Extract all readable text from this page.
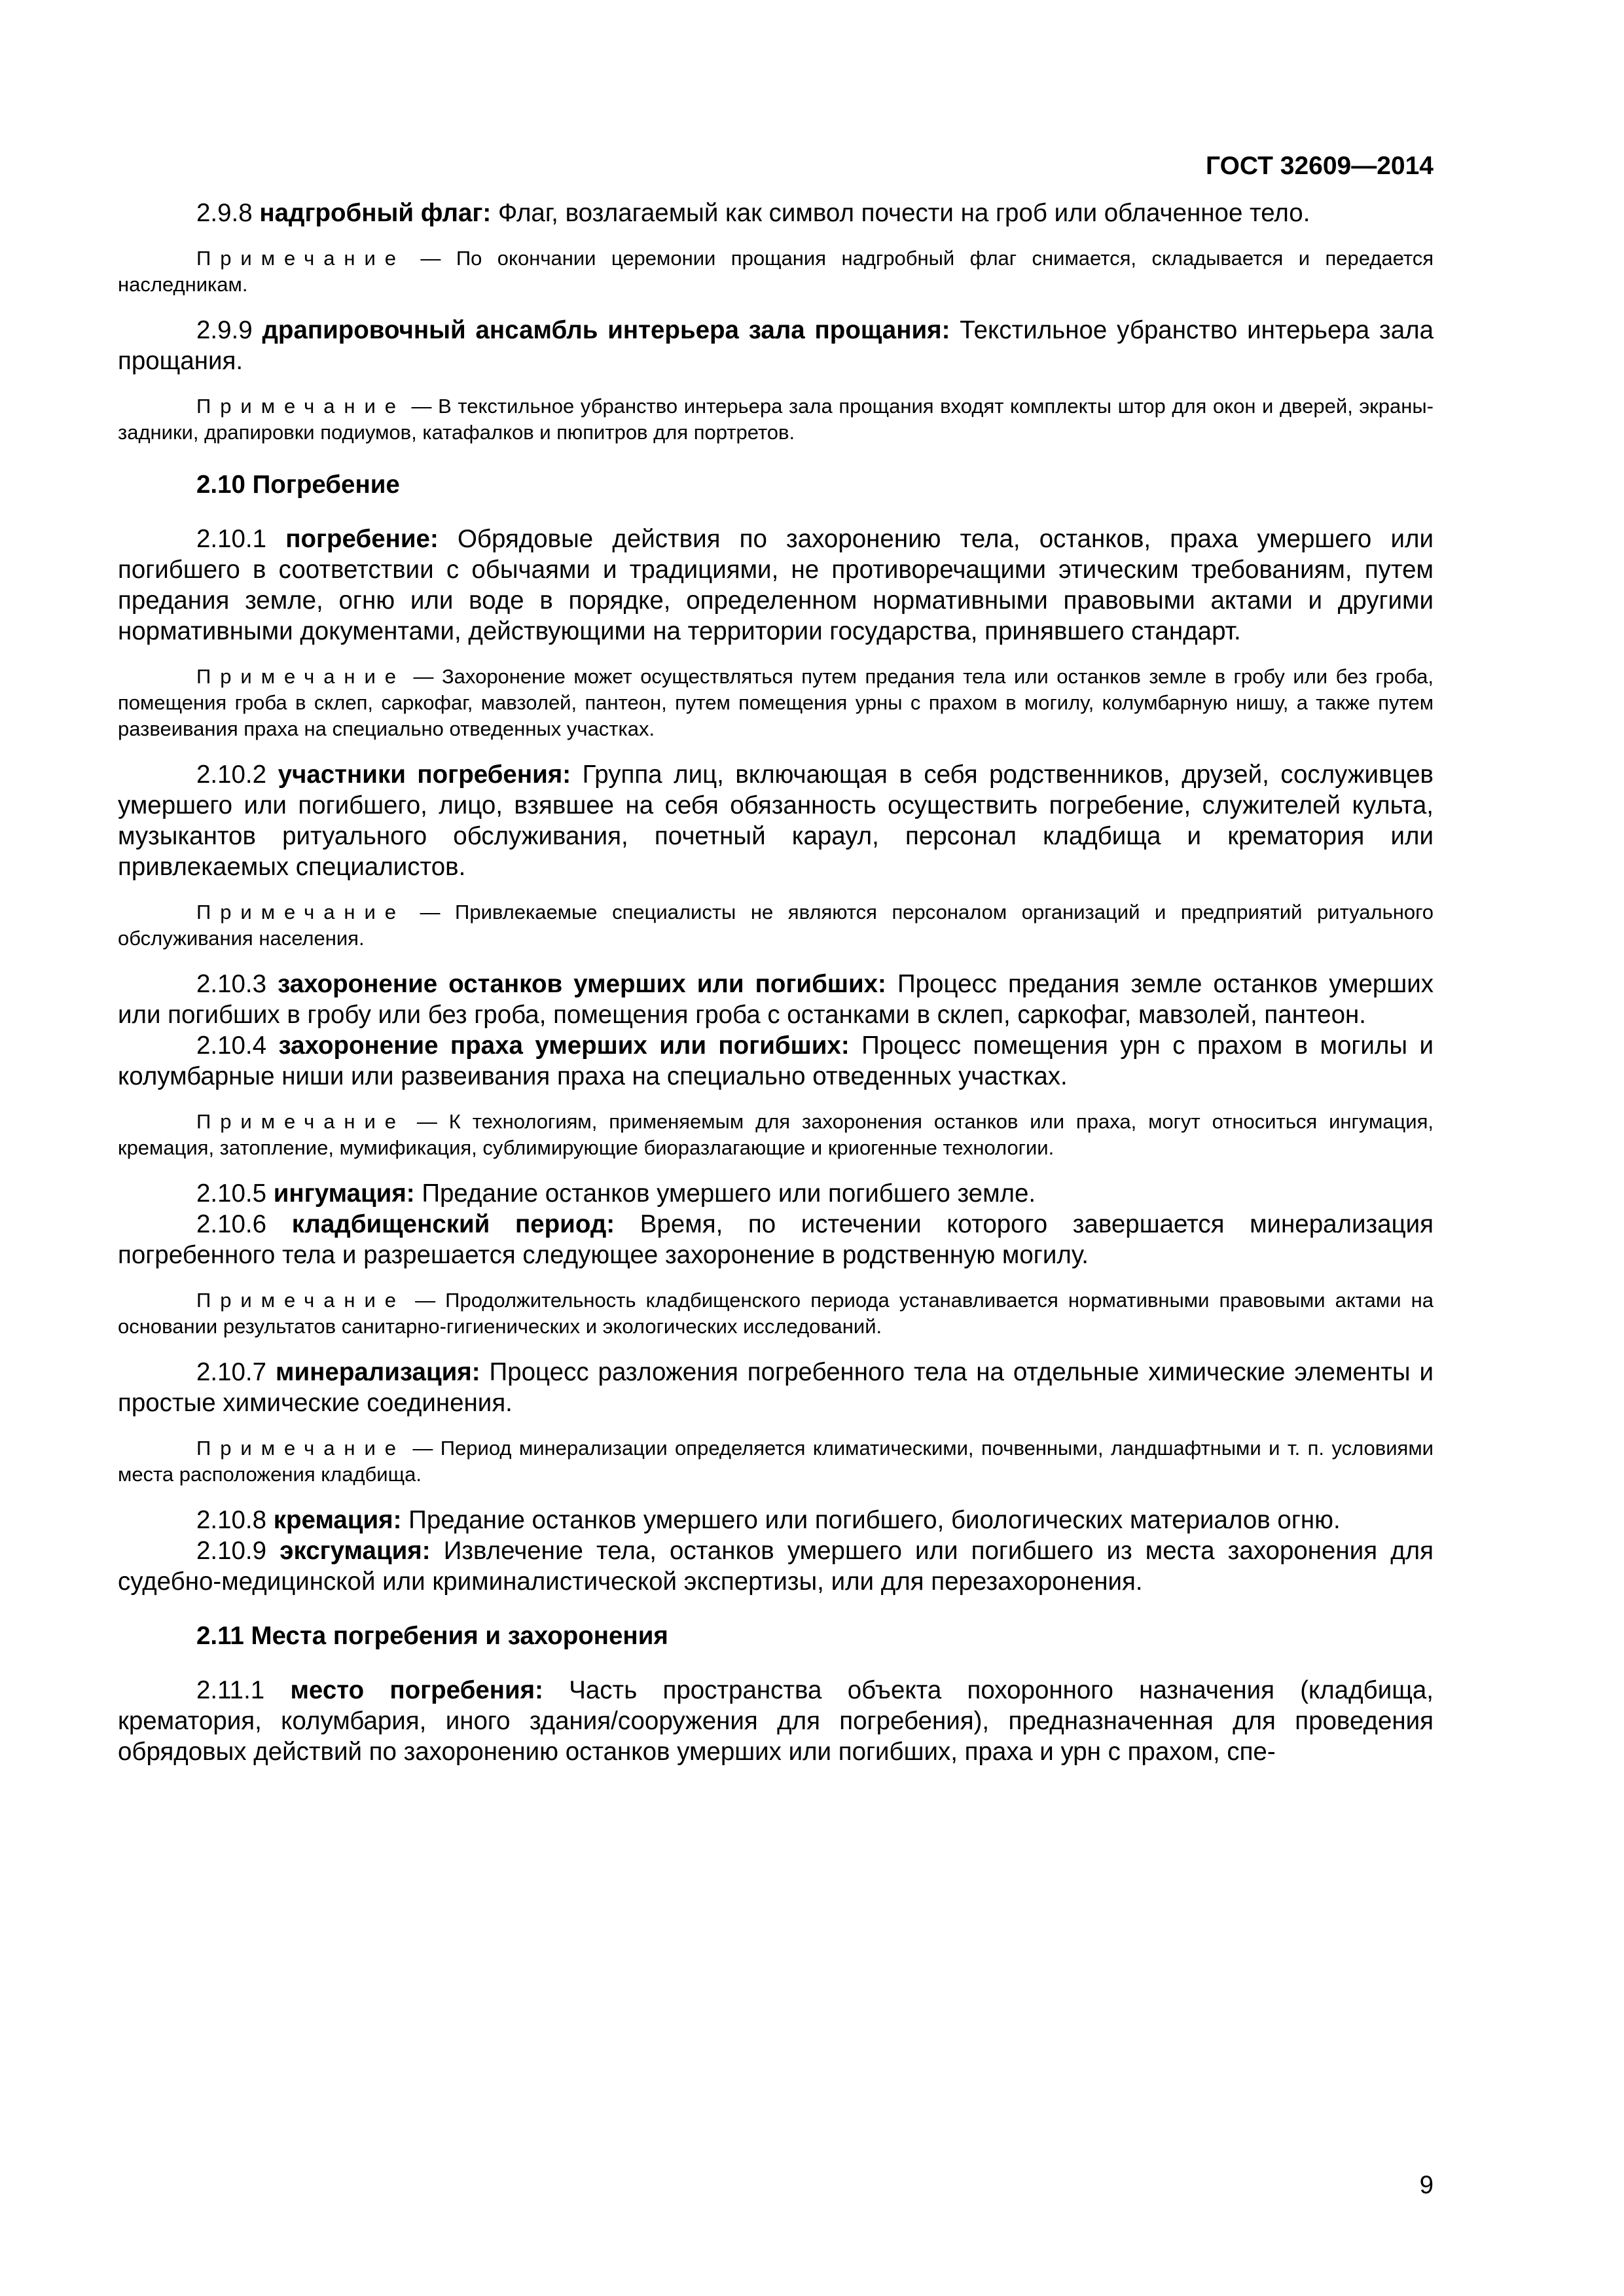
ГОСТ 32609—2014

2.9.8 надгробный флаг: Флаг, возлагаемый как символ почести на гроб или облаченное тело.

Примечание — По окончании церемонии прощания надгробный флаг снимается, складывается и передается наследникам.

2.9.9 драпировочный ансамбль интерьера зала прощания: Текстильное убранство интерьера зала прощания.

Примечание — В текстильное убранство интерьера зала прощания входят комплекты штор для окон и дверей, экраны-задники, драпировки подиумов, катафалков и пюпитров для портретов.

2.10 Погребение

2.10.1 погребение: Обрядовые действия по захоронению тела, останков, праха умершего или погибшего в соответствии с обычаями и традициями, не противоречащими этическим требованиям, путем предания земле, огню или воде в порядке, определенном нормативными правовыми актами и другими нормативными документами, действующими на территории государства, принявшего стандарт.

Примечание — Захоронение может осуществляться путем предания тела или останков земле в гробу или без гроба, помещения гроба в склеп, саркофаг, мавзолей, пантеон, путем помещения урны с прахом в могилу, колумбарную нишу, а также путем развеивания праха на специально отведенных участках.

2.10.2 участники погребения: Группа лиц, включающая в себя родственников, друзей, сослуживцев умершего или погибшего, лицо, взявшее на себя обязанность осуществить погребение, служителей культа, музыкантов ритуального обслуживания, почетный караул, персонал кладбища и крематория или привлекаемых специалистов.

Примечание — Привлекаемые специалисты не являются персоналом организаций и предприятий ритуального обслуживания населения.

2.10.3 захоронение останков умерших или погибших: Процесс предания земле останков умерших или погибших в гробу или без гроба, помещения гроба с останками в склеп, саркофаг, мавзолей, пантеон.

2.10.4 захоронение праха умерших или погибших: Процесс помещения урн с прахом в могилы и колумбарные ниши или развеивания праха на специально отведенных участках.

Примечание — К технологиям, применяемым для захоронения останков или праха, могут относиться ингумация, кремация, затопление, мумификация, сублимирующие биоразлагающие и криогенные технологии.

2.10.5 ингумация: Предание останков умершего или погибшего земле.

2.10.6 кладбищенский период: Время, по истечении которого завершается минерализация погребенного тела и разрешается следующее захоронение в родственную могилу.

Примечание — Продолжительность кладбищенского периода устанавливается нормативными правовыми актами на основании результатов санитарно-гигиенических и экологических исследований.

2.10.7 минерализация: Процесс разложения погребенного тела на отдельные химические элементы и простые химические соединения.

Примечание — Период минерализации определяется климатическими, почвенными, ландшафтными и т. п. условиями места расположения кладбища.

2.10.8 кремация: Предание останков умершего или погибшего, биологических материалов огню.

2.10.9 эксгумация: Извлечение тела, останков умершего или погибшего из места захоронения для судебно-медицинской или криминалистической экспертизы, или для перезахоронения.

2.11 Места погребения и захоронения

2.11.1 место погребения: Часть пространства объекта похоронного назначения (кладбища, крематория, колумбария, иного здания/сооружения для погребения), предназначенная для проведения обрядовых действий по захоронению останков умерших или погибших, праха и урн с прахом, спе-

9
